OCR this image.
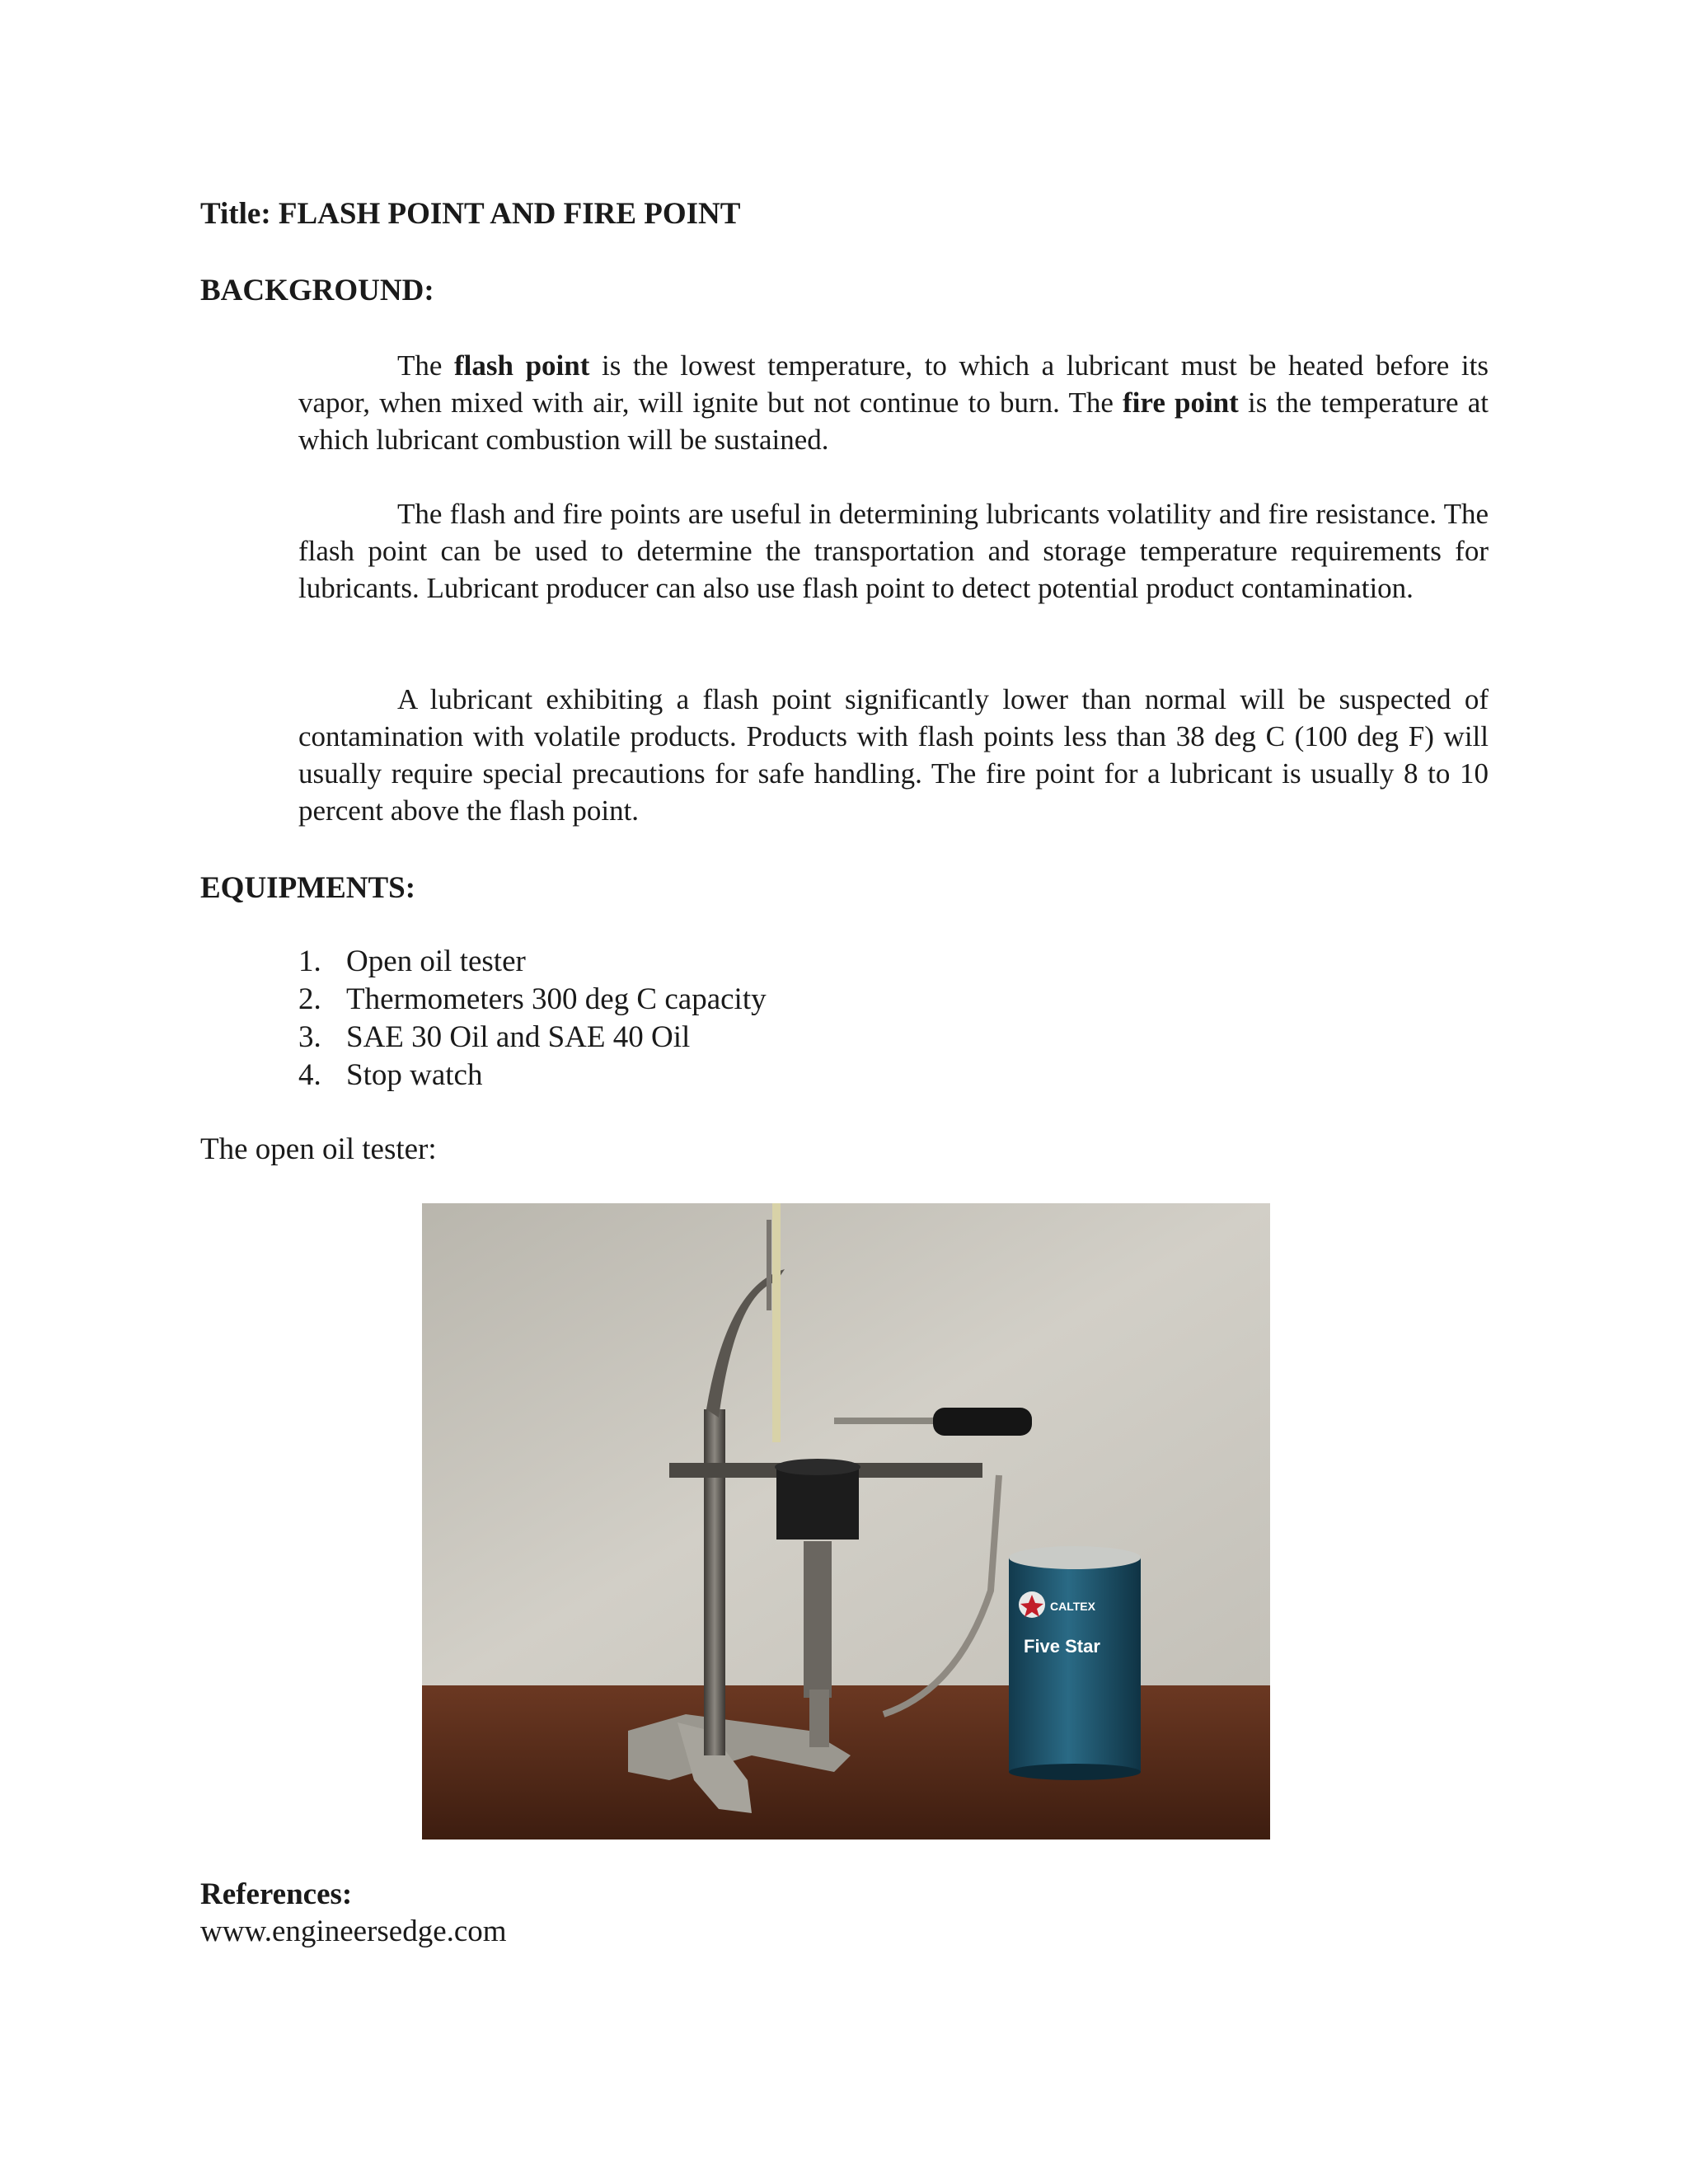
Title: FLASH POINT AND FIRE POINT
BACKGROUND:

The flash point is the lowest temperature, to which a lubricant must be heated before its vapor, when mixed with air, will ignite but not continue to burn. The fire point is the temperature at which lubricant combustion will be sustained.

The flash and fire points are useful in determining lubricants volatility and fire resistance. The flash point can be used to determine the transportation and storage temperature requirements for lubricants. Lubricant producer can also use flash point to detect potential product contamination.

A lubricant exhibiting a flash point significantly lower than normal will be suspected of contamination with volatile products. Products with flash points less than 38 deg C (100 deg F) will usually require special precautions for safe handling. The fire point for a lubricant is usually 8 to 10 percent above the flash point.

EQUIPMENTS:
1. Open oil tester
2. Thermometers 300 deg C capacity
3. SAE 30 Oil and SAE 40 Oil
4. Stop watch
The open oil tester:
CALTEX
Five Star
References:
www.engineersedge.com
